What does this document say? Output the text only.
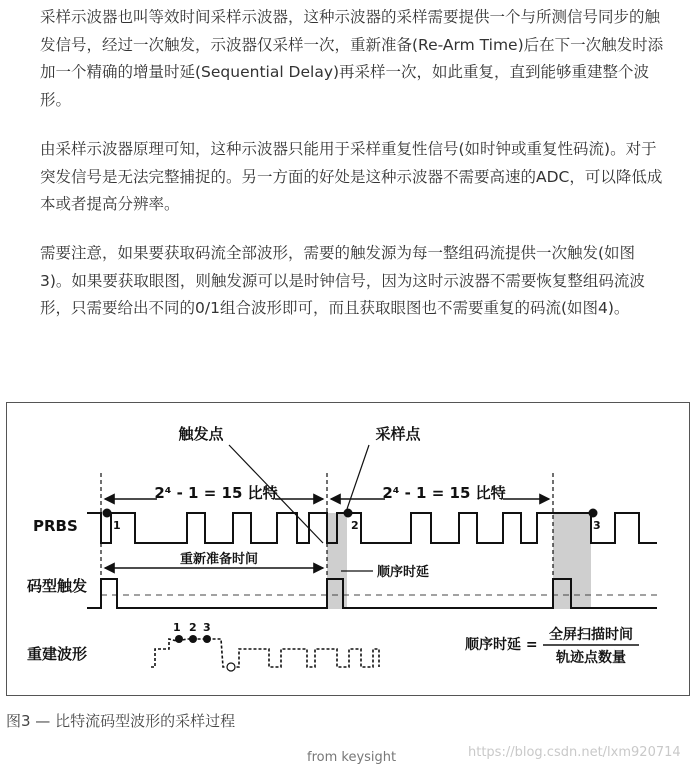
采样示波器也叫等效时间采样示波器，这种示波器的采样需要提供一个与所测信号同步的触发信号，经过一次触发，示波器仅采样一次，重新准备(Re-Arm Time)后在下一次触发时添加一个精确的增量时延(Sequential Delay)再采样一次，如此重复，直到能够重建整个波形。

由采样示波器原理可知，这种示波器只能用于采样重复性信号(如时钟或重复性码流)。对于突发信号是无法完整捕捉的。另一方面的好处是这种示波器不需要高速的ADC，可以降低成本或者提高分辨率。

需要注意，如果要获取码流全部波形，需要的触发源为每一整组码流提供一次触发(如图3)。如果要获取眼图，则触发源可以是时钟信号，因为这时示波器不需要恢复整组码流波形，只需要给出不同的0/1组合波形即可，而且获取眼图也不需要重复的码流(如图4)。

2⁴ - 1 = 15 比特	2⁴ - 1 = 15 比特
触发点	采样点
PRBS	1	2	3
重新准备时间
顺序时延
码型触发
重建波形
1 2 3
顺序时延 =
全屏扫描时间
轨迹点数量
图3 — 比特流码型波形的采样过程
from keysight	https://blog.csdn.net/lxm920714
